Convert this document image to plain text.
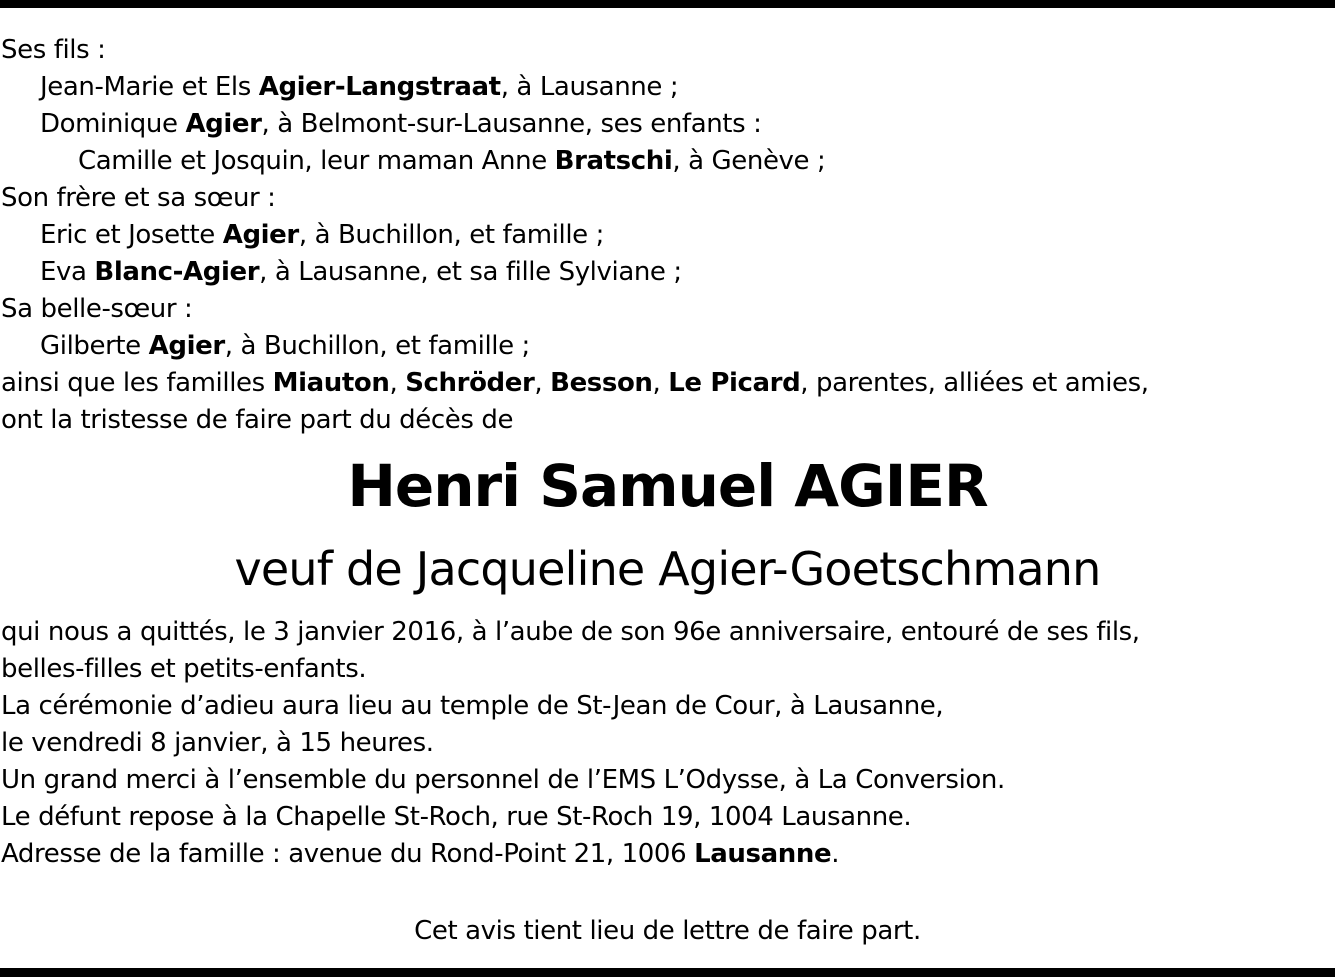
Ses fils :
Jean-Marie et Els Agier-Langstraat, à Lausanne ;
Dominique Agier, à Belmont-sur-Lausanne, ses enfants :
Camille et Josquin, leur maman Anne Bratschi, à Genève ;
Son frère et sa sœur :
Eric et Josette Agier, à Buchillon, et famille ;
Eva Blanc-Agier, à Lausanne, et sa fille Sylviane ;
Sa belle-sœur :
Gilberte Agier, à Buchillon, et famille ;
ainsi que les familles Miauton, Schröder, Besson, Le Picard, parentes, alliées et amies,
ont la tristesse de faire part du décès de
Henri Samuel AGIER
veuf de Jacqueline Agier-Goetschmann
qui nous a quittés, le 3 janvier 2016, à l’aube de son 96e anniversaire, entouré de ses fils,
belles-filles et petits-enfants.
La cérémonie d’adieu aura lieu au temple de St-Jean de Cour, à Lausanne,
le vendredi 8 janvier, à 15 heures.
Un grand merci à l’ensemble du personnel de l’EMS L’Odysse, à La Conversion.
Le défunt repose à la Chapelle St-Roch, rue St-Roch 19, 1004 Lausanne.
Adresse de la famille : avenue du Rond-Point 21, 1006 Lausanne.
Cet avis tient lieu de lettre de faire part.
